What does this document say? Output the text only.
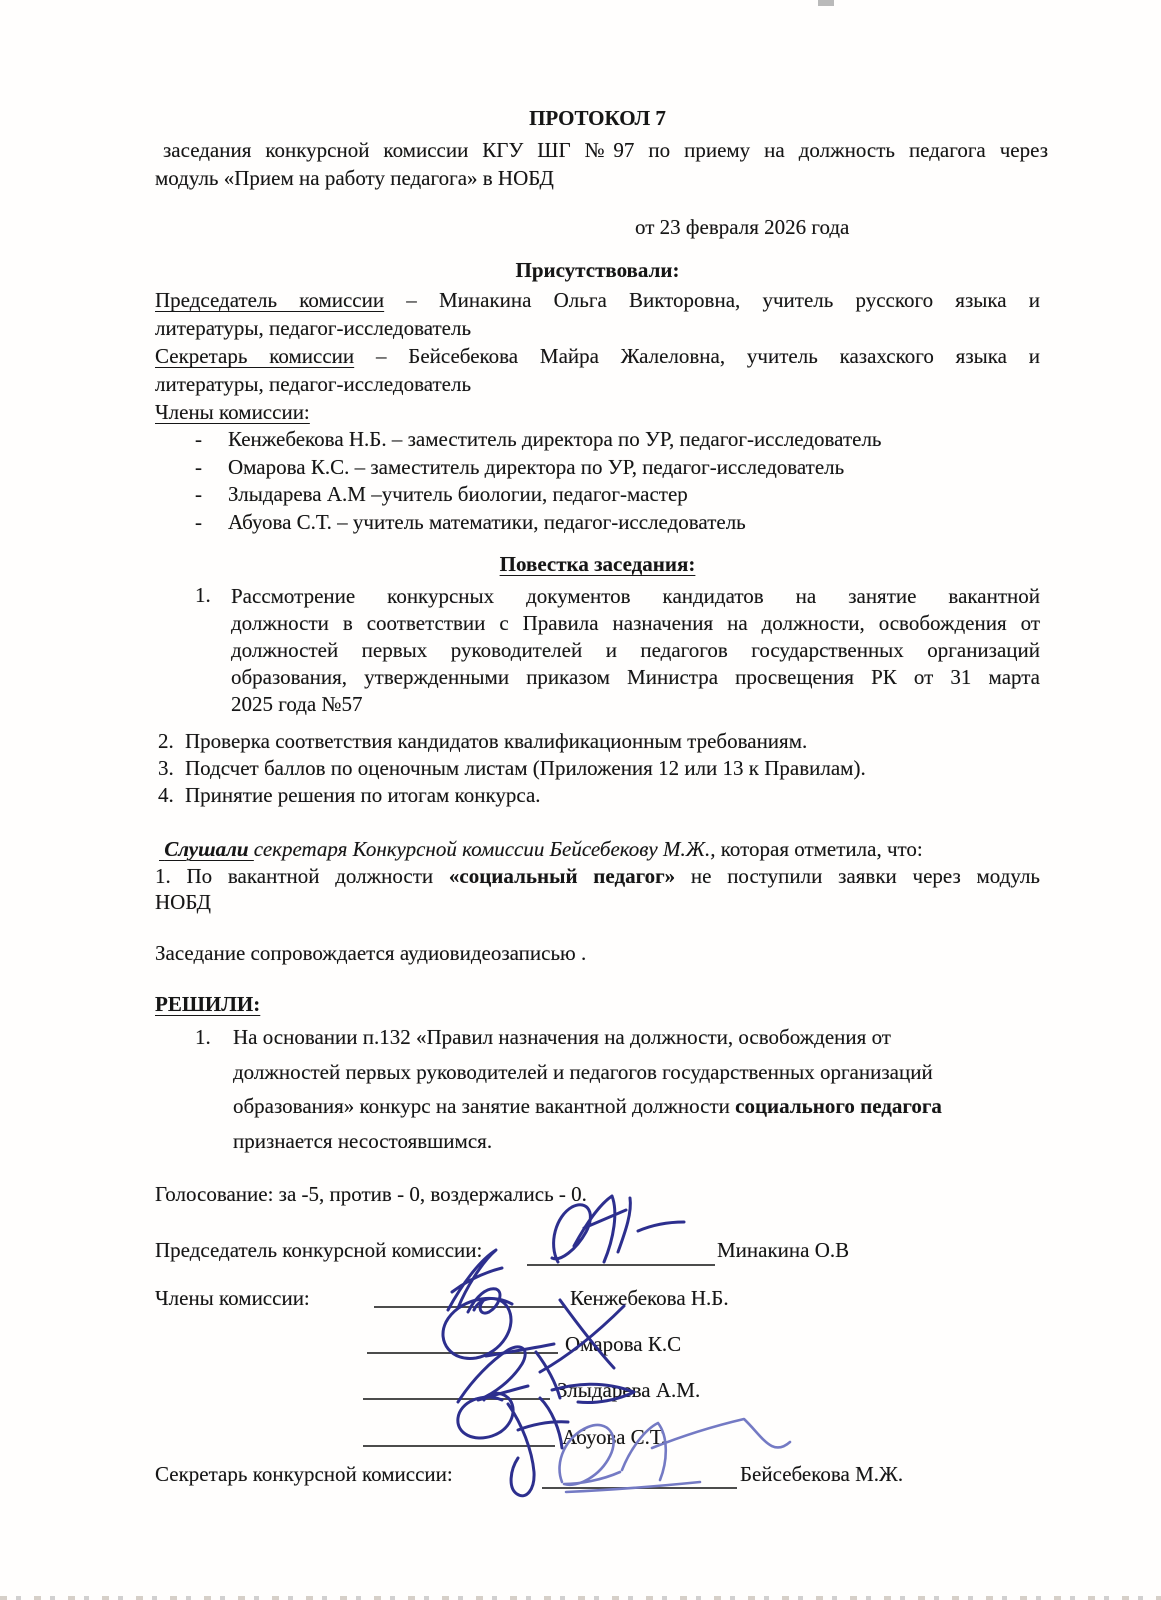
ПРОТОКОЛ 7
заседания конкурсной комиссии КГУ ШГ №97 по приему на должность педагога через
модуль «Прием на работу педагога» в НОБД
от 23 февраля 2026 года
Присутствовали:
Председатель комиссии – Минакина Ольга Викторовна, учитель русского языка и
литературы, педагог-исследователь
Секретарь комиссии – Бейсебекова Майра Жалеловна, учитель казахского языка и
литературы, педагог-исследователь
Члены комиссии:
- Кенжебекова Н.Б. – заместитель директора по УР, педагог-исследователь
- Омарова К.С. – заместитель директора по УР, педагог-исследователь
- Злыдарева А.М –учитель биологии, педагог-мастер
- Абуова С.Т. – учитель математики, педагог-исследователь
Повестка заседания:
1. Рассмотрение конкурсных документов кандидатов на занятие вакантной
должности в соответствии с Правила назначения на должности, освобождения от
должностей первых руководителей и педагогов государственных организаций
образования, утвержденными приказом Министра просвещения РК от 31 марта
2025 года №57
2. Проверка соответствия кандидатов квалификационным требованиям.
3. Подсчет баллов по оценочным листам (Приложения 12 или 13 к Правилам).
4. Принятие решения по итогам конкурса.
Слушали секретаря Конкурсной комиссии Бейсебекову М.Ж., которая отметила, что:
1. По вакантной должности «социальный педагог» не поступили заявки через модуль
НОБД
Заседание сопровождается аудиовидеозаписью .
РЕШИЛИ:
1. На основании п.132 «Правил назначения на должности, освобождения от
должностей первых руководителей и педагогов государственных организаций
образования» конкурс на занятие вакантной должности социального педагога
признается несостоявшимся.
Голосование: за -5, против - 0, воздержались - 0.
Председатель конкурсной комиссии:	Минакина О.В
Члены комиссии:	Кенжебекова Н.Б.
Омарова К.С
Злыдарева А.М.
Абуова С.Т.
Секретарь конкурсной комиссии:	Бейсебекова М.Ж.
